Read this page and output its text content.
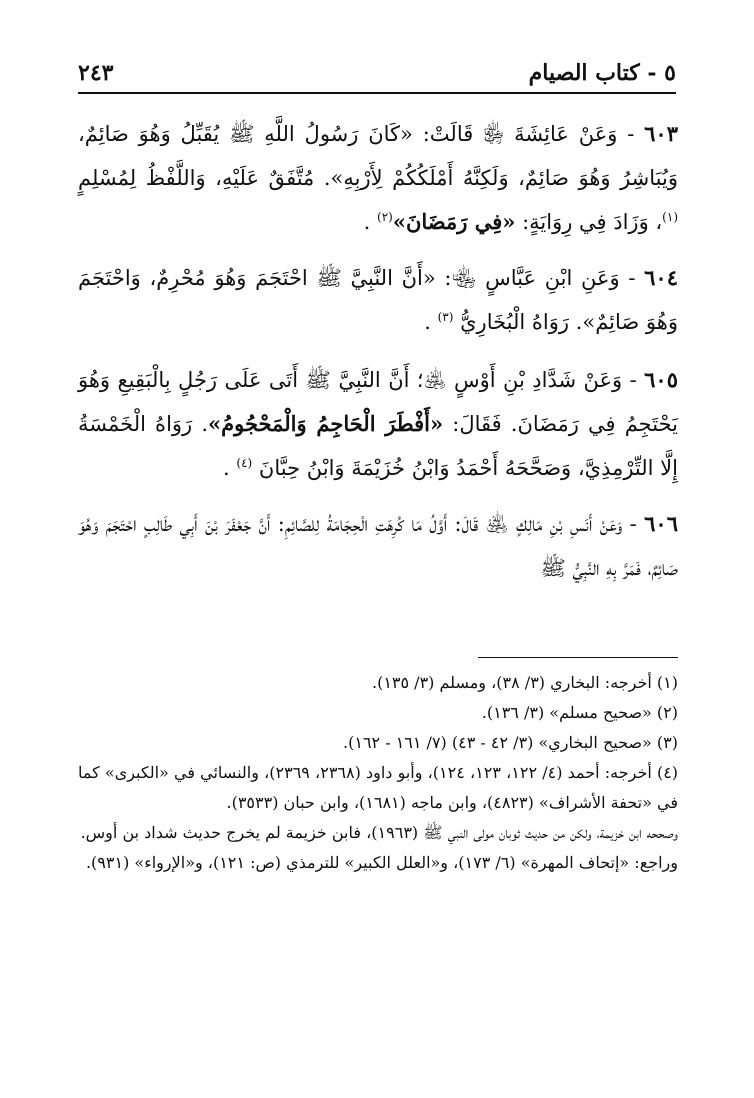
٥ - كتاب الصيام
٢٤٣

٦٠٣ - وَعَنْ عَائِشَةَ ﵂ قَالَتْ: «كَانَ رَسُولُ اللَّهِ ﷺ يُقَبِّلُ وَهُوَ صَائِمٌ، وَيُبَاشِرُ وَهُوَ صَائِمٌ، وَلَكِنَّهُ أَمْلَكُكُمْ لِأَرْبِهِ». مُتَّفَقٌ عَلَيْهِ، وَاللَّفْظُ لِمُسْلِمٍ $^{(١)}$، وَزَادَ فِي رِوَايَةٍ: «فِي رَمَضَانَ»$^{(٢)}$ .

٦٠٤ - وَعَنِ ابْنِ عَبَّاسٍ ﵄: «أَنَّ النَّبِيَّ ﷺ احْتَجَمَ وَهُوَ مُحْرِمٌ، وَاحْتَجَمَ وَهُوَ صَائِمٌ». رَوَاهُ الْبُخَارِيُّ $^{(٣)}$ .

٦٠٥ - وَعَنْ شَدَّادِ بْنِ أَوْسٍ ﵁؛ أَنَّ النَّبِيَّ ﷺ أَتَى عَلَى رَجُلٍ بِالْبَقِيعِ وَهُوَ يَحْتَجِمُ فِي رَمَضَانَ. فَقَالَ: «أَفْطَرَ الْحَاجِمُ وَالْمَحْجُومُ». رَوَاهُ الْخَمْسَةُ إِلَّا التِّرْمِذِيَّ، وَصَحَّحَهُ أَحْمَدُ وَابْنُ خُزَيْمَةَ وَابْنُ حِبَّانَ $^{(٤)}$ .

٦٠٦ - وَعَنْ أَنَسِ بْنِ مَالِكٍ ﵁ قَالَ: أَوَّلُ مَا كُرِهَتِ الْحِجَامَةُ لِلصَّائِمِ: أَنَّ جَعْفَرَ بْنَ أَبِي طَالِبٍ احْتَجَمَ وَهُوَ صَائِمٌ، فَمَرَّ بِهِ النَّبِيُّ ﷺ

(١) أخرجه: البخاري (٣/ ٣٨)، ومسلم (٣/ ١٣٥).

(٢) «صحيح مسلم» (٣/ ١٣٦).

(٣) «صحيح البخاري» (٣/ ٤٢ - ٤٣) (٧/ ١٦١ - ١٦٢).

(٤) أخرجه: أحمد (٤/ ١٢٢، ١٢٣، ١٢٤)، وأبو داود (٢٣٦٨، ٢٣٦٩)، والنسائي في «الكبرى» كما في «تحفة الأشراف» (٤٨٢٣)، وابن ماجه (١٦٨١)، وابن حبان (٣٥٣٣).

وصححه ابن خزيمة، ولكن من حديث ثوبان مولى النبي ﷺ (١٩٦٣)، فابن خزيمة لم يخرج حديث شداد بن أوس.

وراجع: «إتحاف المهرة» (٦/ ١٧٣)، و«العلل الكبير» للترمذي (ص: ١٢١)، و«الإرواء» (٩٣١).
